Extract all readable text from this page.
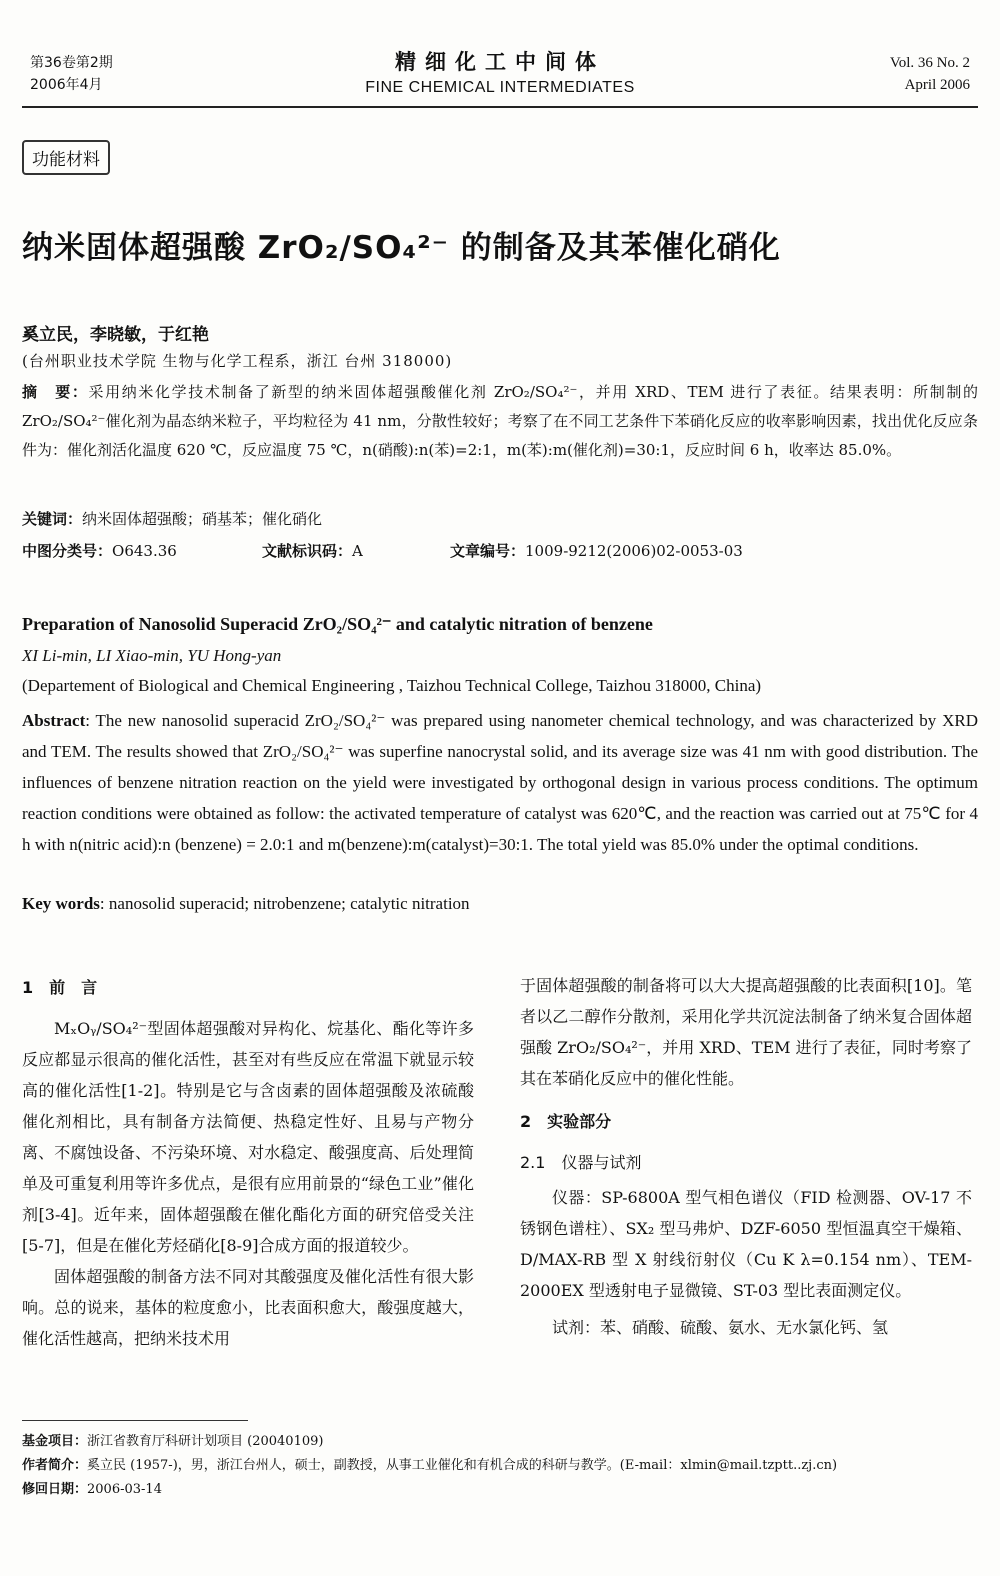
第36卷第2期
2006年4月
精细化工中间体
FINE CHEMICAL INTERMEDIATES
Vol. 36 No. 2
April 2006
功能材料
纳米固体超强酸 ZrO₂/SO₄²⁻ 的制备及其苯催化硝化
奚立民，李晓敏，于红艳
(台州职业技术学院 生物与化学工程系，浙江 台州 318000)
摘　要：采用纳米化学技术制备了新型的纳米固体超强酸催化剂 ZrO₂/SO₄²⁻，并用 XRD、TEM 进行了表征。结果表明：所制制的 ZrO₂/SO₄²⁻催化剂为晶态纳米粒子，平均粒径为 41 nm，分散性较好；考察了在不同工艺条件下苯硝化反应的收率影响因素，找出优化反应条件为：催化剂活化温度 620 ℃，反应温度 75 ℃，n(硝酸):n(苯)=2:1，m(苯):m(催化剂)=30:1，反应时间 6 h，收率达 85.0%。
关键词：纳米固体超强酸；硝基苯；催化硝化
中图分类号：O643.36	文献标识码：A	文章编号：1009-9212(2006)02-0053-03
Preparation of Nanosolid Superacid ZrO₂/SO₄²⁻ and catalytic nitration of benzene
XI Li-min, LI Xiao-min, YU Hong-yan
(Departement of Biological and Chemical Engineering , Taizhou Technical College, Taizhou 318000, China)
Abstract: The new nanosolid superacid ZrO₂/SO₄²⁻ was prepared using nanometer chemical technology, and was characterized by XRD and TEM. The results showed that ZrO₂/SO₄²⁻ was superfine nanocrystal solid, and its average size was 41 nm with good distribution. The influences of benzene nitration reaction on the yield were investigated by orthogonal design in various process conditions. The optimum reaction conditions were obtained as follow: the activated temperature of catalyst was 620℃, and the reaction was carried out at 75℃ for 4 h with n(nitric acid):n (benzene) = 2.0:1 and m(benzene):m(catalyst)=30:1. The total yield was 85.0% under the optimal conditions.
Key words: nanosolid superacid; nitrobenzene; catalytic nitration
1　前　言

MₓOᵧ/SO₄²⁻型固体超强酸对异构化、烷基化、酯化等许多反应都显示很高的催化活性，甚至对有些反应在常温下就显示较高的催化活性[1-2]。特别是它与含卤素的固体超强酸及浓硫酸催化剂相比，具有制备方法简便、热稳定性好、且易与产物分离、不腐蚀设备、不污染环境、对水稳定、酸强度高、后处理简单及可重复利用等许多优点，是很有应用前景的“绿色工业”催化剂[3-4]。近年来，固体超强酸在催化酯化方面的研究倍受关注[5-7]，但是在催化芳烃硝化[8-9]合成方面的报道较少。

固体超强酸的制备方法不同对其酸强度及催化活性有很大影响。总的说来，基体的粒度愈小，比表面积愈大，酸强度越大，催化活性越高，把纳米技术用

于固体超强酸的制备将可以大大提高超强酸的比表面积[10]。笔者以乙二醇作分散剂，采用化学共沉淀法制备了纳米复合固体超强酸 ZrO₂/SO₄²⁻，并用 XRD、TEM 进行了表征，同时考察了其在苯硝化反应中的催化性能。

2　实验部分
2.1　仪器与试剂

仪器：SP-6800A 型气相色谱仪（FID 检测器、OV-17 不锈钢色谱柱）、SX₂ 型马弗炉、DZF-6050 型恒温真空干燥箱、D/MAX-RB 型 X 射线衍射仪（Cu K λ=0.154 nm）、TEM-2000EX 型透射电子显微镜、ST-03 型比表面测定仪。

试剂：苯、硝酸、硫酸、氨水、无水氯化钙、氢

基金项目：浙江省教育厅科研计划项目 (20040109)
作者简介：奚立民 (1957-)，男，浙江台州人，硕士，副教授，从事工业催化和有机合成的科研与教学。(E-mail：xlmin@mail.tzptt..zj.cn)
修回日期：2006-03-14
